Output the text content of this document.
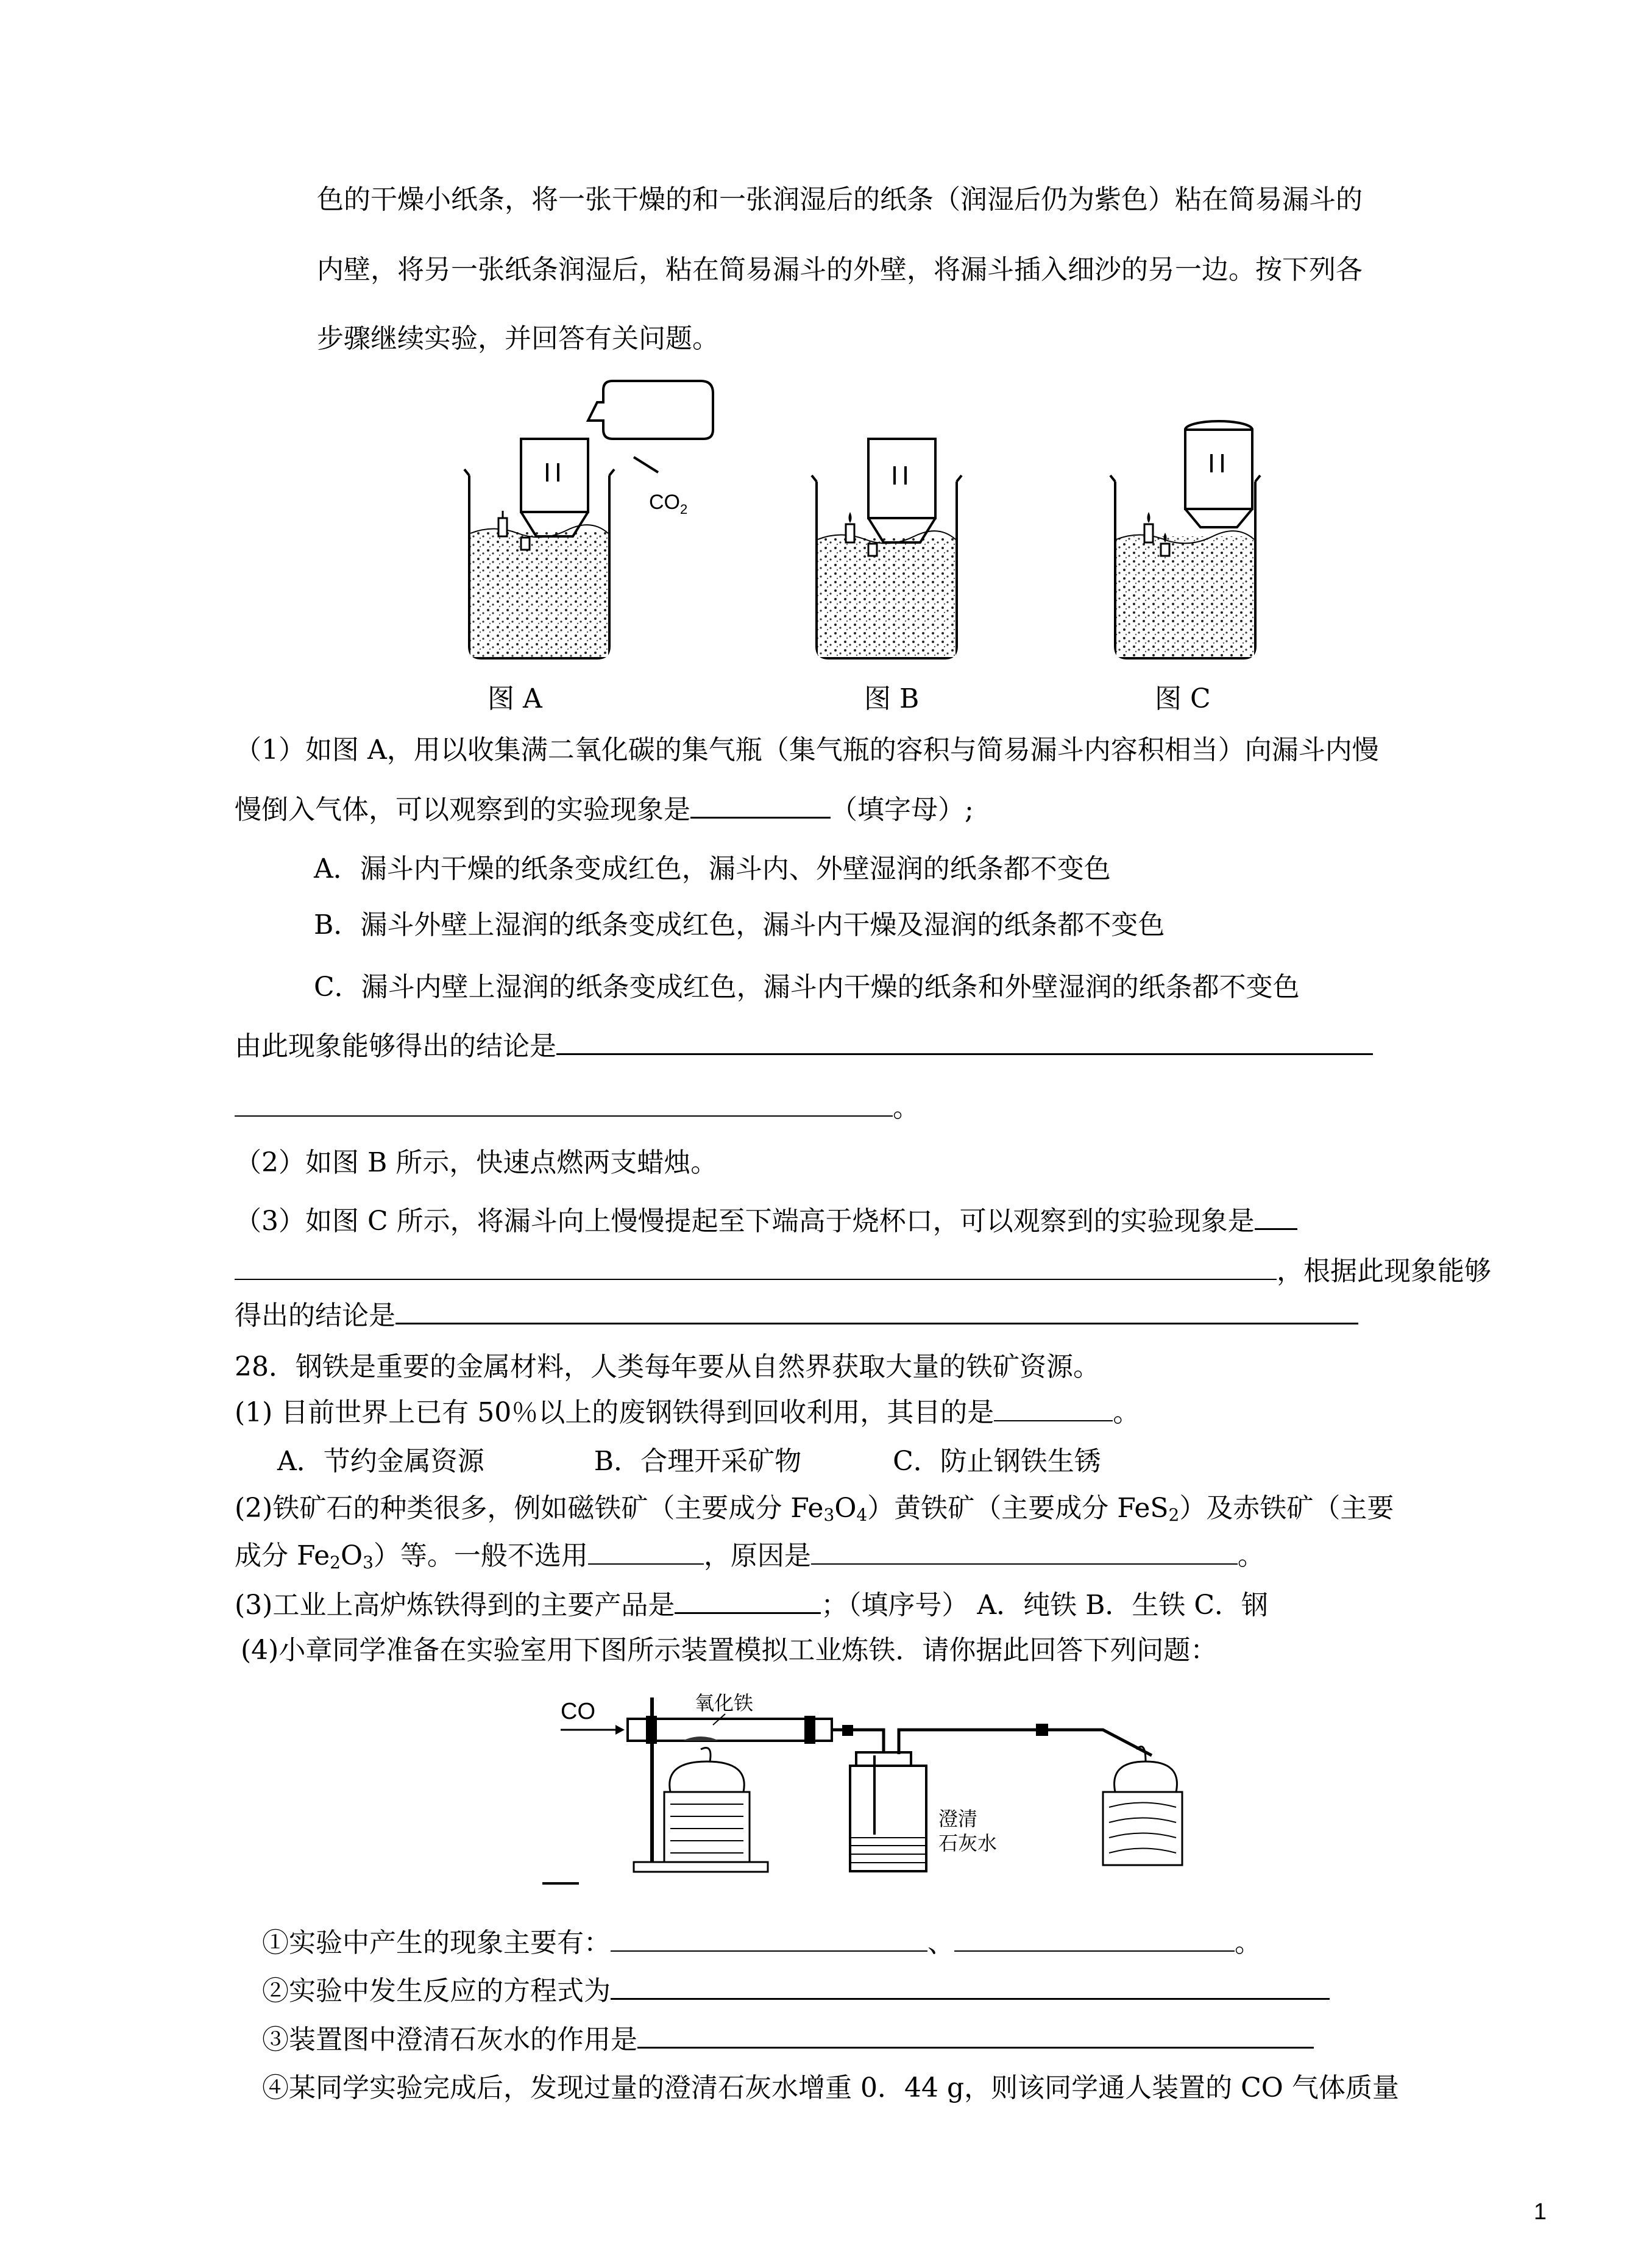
色的干燥小纸条，将一张干燥的和一张润湿后的纸条（润湿后仍为紫色）粘在简易漏斗的
内壁，将另一张纸条润湿后，粘在简易漏斗的外壁，将漏斗插入细沙的另一边。按下列各
步骤继续实验，并回答有关问题。
$CO_2$
图 A	图 B	图 C
（1）如图 A，用以收集满二氧化碳的集气瓶（集气瓶的容积与简易漏斗内容积相当）向漏斗内慢
慢倒入气体，可以观察到的实验现象是	（填字母）;
A．漏斗内干燥的纸条变成红色，漏斗内、外壁湿润的纸条都不变色
B．漏斗外壁上湿润的纸条变成红色，漏斗内干燥及湿润的纸条都不变色
C．漏斗内壁上湿润的纸条变成红色，漏斗内干燥的纸条和外壁湿润的纸条都不变色
由此现象能够得出的结论是
。
（2）如图 B 所示，快速点燃两支蜡烛。
（3）如图 C 所示，将漏斗向上慢慢提起至下端高于烧杯口，可以观察到的实验现象是
，根据此现象能够
得出的结论是
28．钢铁是重要的金属材料，人类每年要从自然界获取大量的铁矿资源。
(1) 目前世界上已有 50％以上的废钢铁得到回收利用，其目的是	。
A．节约金属资源	B．合理开采矿物	C．防止钢铁生锈
(2)铁矿石的种类很多，例如磁铁矿（主要成分 $Fe_3O_4$）黄铁矿（主要成分 FeS$_2$）及赤铁矿（主要
成分 $Fe_2O_3$）等。一般不选用	，原因是	。
(3)工业上高炉炼铁得到的主要产品是	；（填序号） A．纯铁 B．生铁 C．钢
(4)小章同学准备在实验室用下图所示装置模拟工业炼铁．请你据此回答下列问题：
CO	氧化铁
澄清
石灰水
①实验中产生的现象主要有：	、	。
②实验中发生反应的方程式为
③装置图中澄清石灰水的作用是
④某同学实验完成后，发现过量的澄清石灰水增重 0．44 g，则该同学通人装置的 CO 气体质量
1
